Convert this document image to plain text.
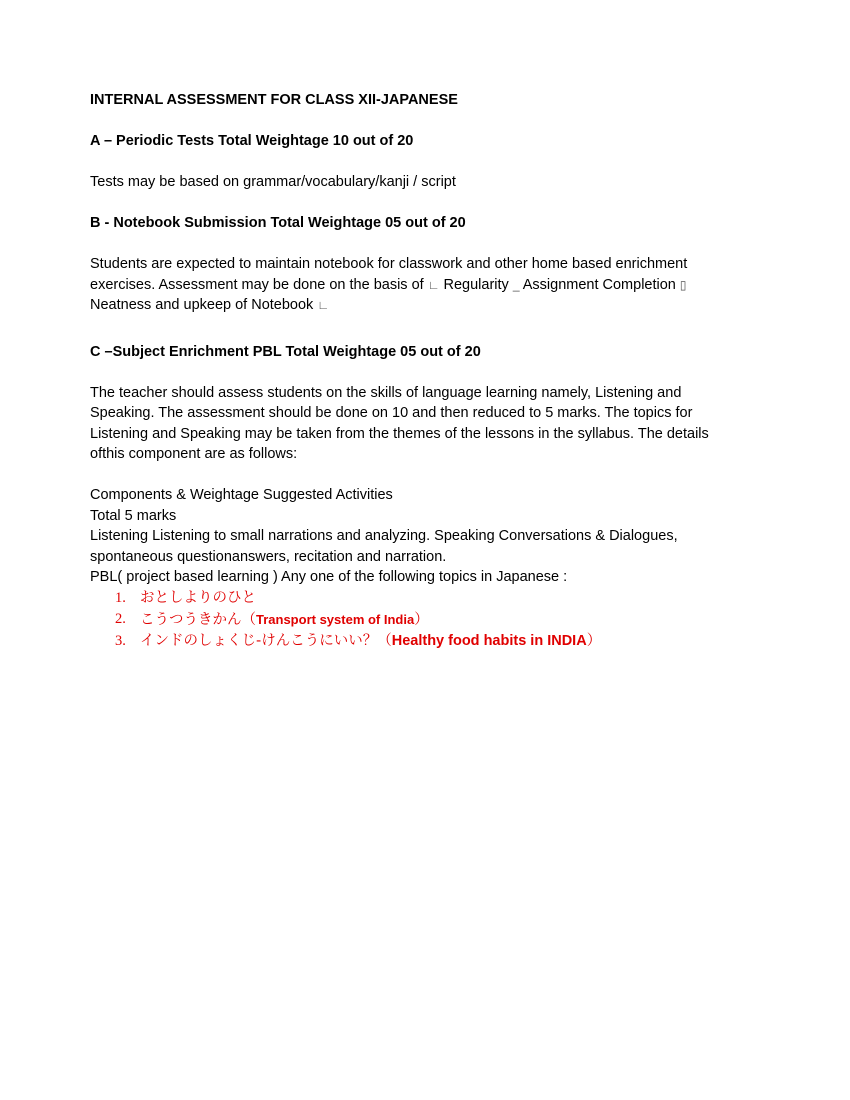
INTERNAL ASSESSMENT FOR CLASS XII-JAPANESE
A – Periodic Tests Total Weightage 10 out of 20
Tests may be based on grammar/vocabulary/kanji / script
B - Notebook Submission Total Weightage 05 out of 20
Students are expected to maintain notebook for classwork and other home based enrichment
exercises. Assessment may be done on the basis of ∟ Regularity _ Assignment Completion ▯
Neatness and upkeep of Notebook ∟
C –Subject Enrichment PBL Total Weightage 05 out of 20
The teacher should assess students on the skills of language learning namely, Listening and
Speaking. The assessment should be done on 10 and then reduced to 5 marks. The topics for
Listening and Speaking may be taken from the themes of the lessons in the syllabus. The details
ofthis component are as follows:
Components & Weightage Suggested Activities
Total 5 marks
Listening Listening to small narrations and analyzing. Speaking Conversations & Dialogues,
spontaneous questionanswers, recitation and narration.
PBL( project based learning ) Any one of the following topics in Japanese :
1. おとしよりのひと
2. こうつうきかん（Transport system of India）
3. インドのしょくじ-けんこうにいい？（Healthy food habits in INDIA）
